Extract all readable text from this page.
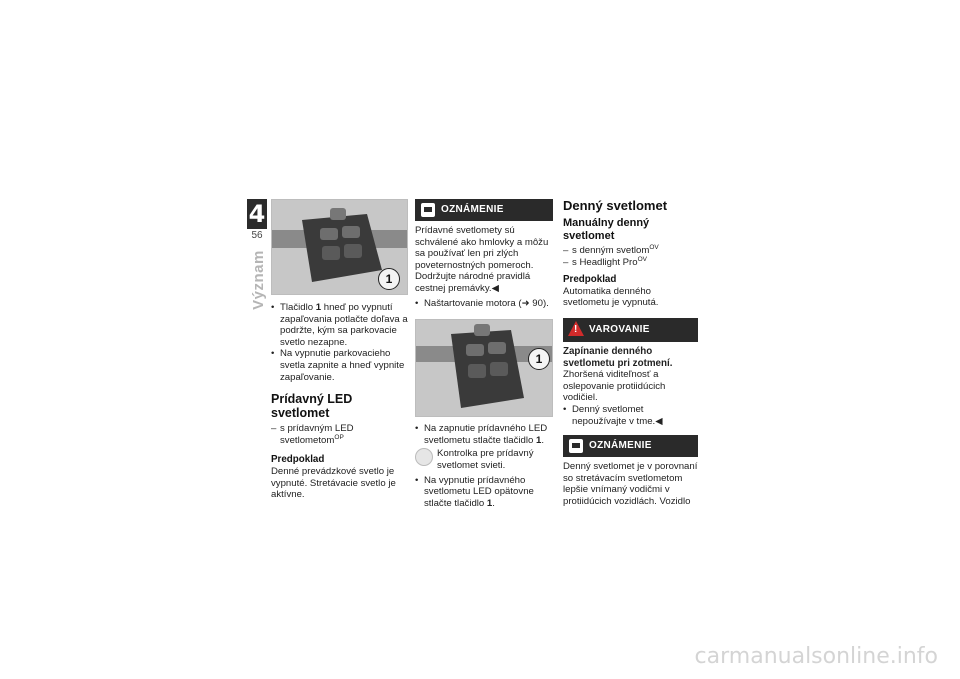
4
56
Význam	1
• Tlačidlo 1 hneď po vypnutí zapaľovania potlačte doľava a podržte, kým sa parkovacie svetlo nezapne.
• Na vypnutie parkovacieho svetla zapnite a hneď vypnite zapaľovanie.
Prídavný LED svetlomet
– s prídavným LED svetlometom$^{OP}$
Predpoklad

Denné prevádzkové svetlo je vypnuté. Stretávacie svetlo je aktívne.

OZNÁMENIE

Prídavné svetlomety sú schválené ako hmlovky a môžu sa používať len pri zlých poveternostných pomeroch. Dodržujte národné pravidlá cestnej premávky.◀

• Naštartovanie motora (➜ 90).
1
• Na zapnutie prídavného LED svetlometu stlačte tlačidlo 1.
Kontrolka pre prídavný svetlomet svieti.
• Na vypnutie prídavného svetlometu LED opätovne stlačte tlačidlo 1.
Denný svetlomet
Manuálny denný svetlomet
– s denným svetlom$^{OV}$
– s Headlight Pro$^{OV}$
Predpoklad

Automatika denného svetlometu je vypnutá.

!
VAROVANIE

Zapínanie denného svetlometu pri zotmení.

Zhoršená viditeľnosť a oslepovanie protiidúcich vodičiel.

• Denný svetlomet nepoužívajte v tme.◀
OZNÁMENIE

Denný svetlomet je v porovnaní so stretávacím svetlometom lepšie vnímaný vodičmi v protiidúcich vozidlách. Vozidlo

carmanualsonline.info
